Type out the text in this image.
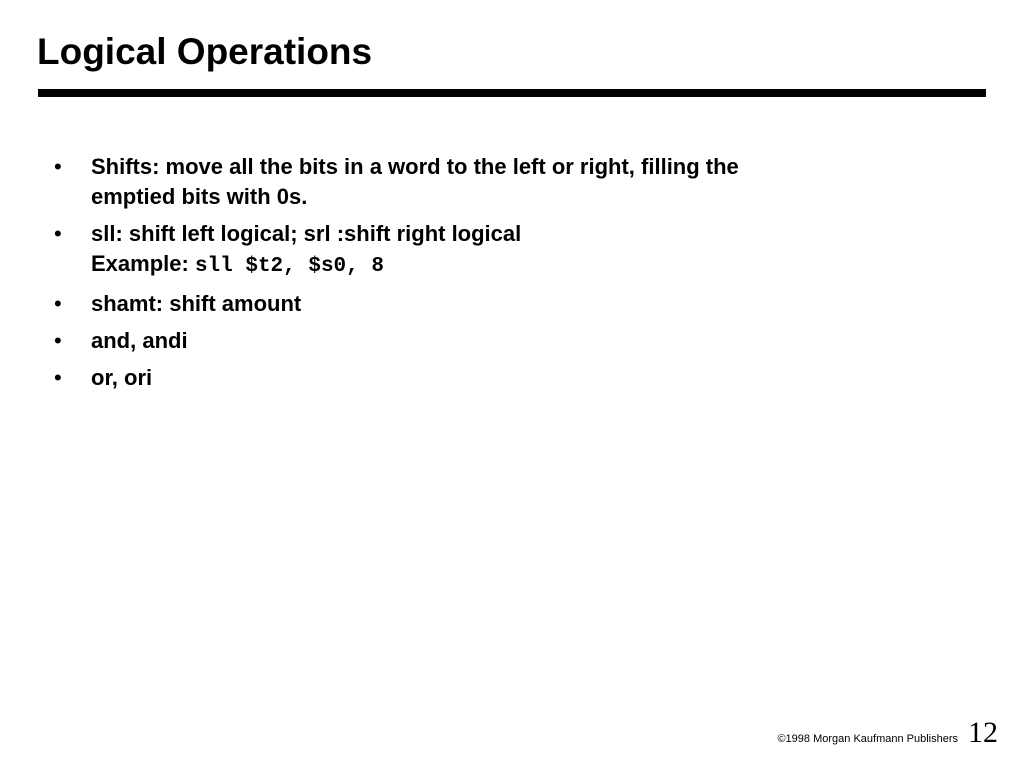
Logical Operations
• Shifts: move all the bits in a word to the left or right, filling the
emptied bits with 0s.
• sll: shift left logical; srl :shift right logical
Example: sll $t2, $s0, 8
• shamt: shift amount
• and, andi
• or, ori
©1998 Morgan Kaufmann Publishers 12
